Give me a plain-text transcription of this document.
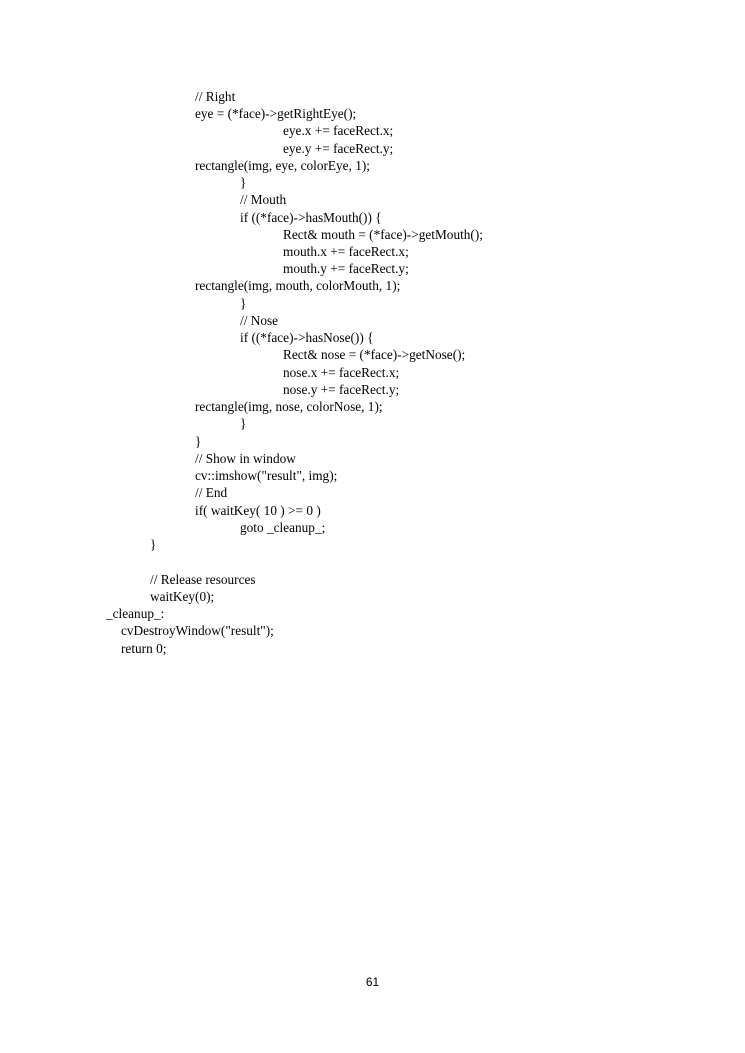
// Right
eye = (*face)->getRightEye();
eye.x += faceRect.x;
eye.y += faceRect.y;
rectangle(img, eye, colorEye, 1);
}
// Mouth
if ((*face)->hasMouth()) {
Rect& mouth = (*face)->getMouth();
mouth.x += faceRect.x;
mouth.y += faceRect.y;
rectangle(img, mouth, colorMouth, 1);
}
// Nose
if ((*face)->hasNose()) {
Rect& nose = (*face)->getNose();
nose.x += faceRect.x;
nose.y += faceRect.y;
rectangle(img, nose, colorNose, 1);
}
}
// Show in window
cv::imshow("result", img);
// End
if( waitKey( 10 ) >= 0 )
goto _cleanup_;
}
// Release resources
waitKey(0);
_cleanup_:
cvDestroyWindow("result");
return 0;
61
